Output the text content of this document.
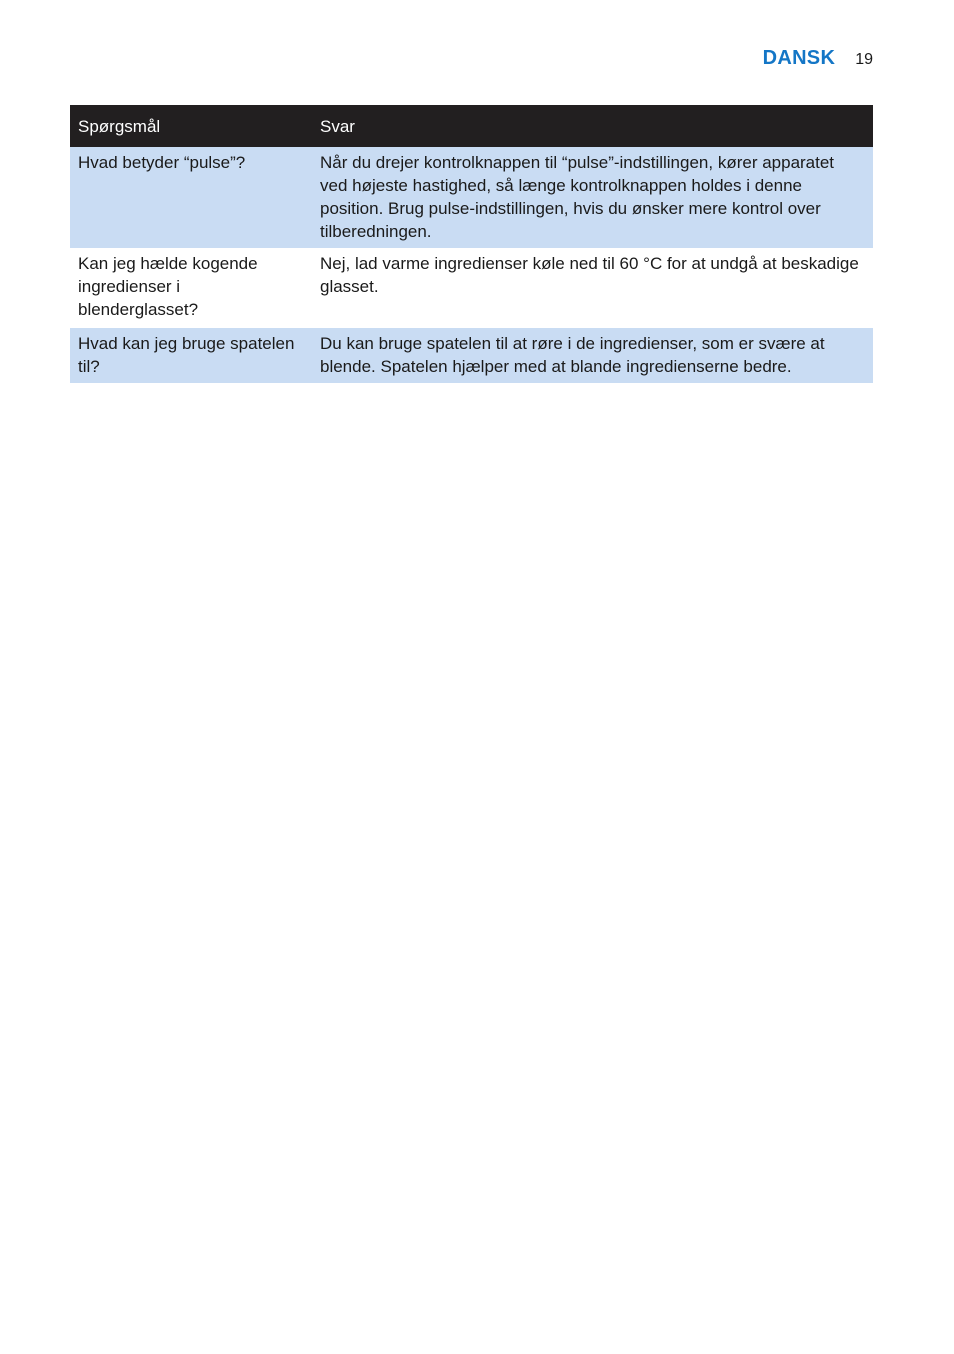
DANSK 19
Spørgsmål	Svar
Hvad betyder “pulse”?	Når du drejer kontrolknappen til “pulse”-indstillingen, kører apparatet ved højeste hastighed, så længe kontrolknappen holdes i denne position. Brug pulse-indstillingen, hvis du ønsker mere kontrol over tilberedningen.
Kan jeg hælde kogende ingredienser i blenderglasset?	Nej, lad varme ingredienser køle ned til 60 °C for at undgå at beskadige glasset.
Hvad kan jeg bruge spatelen til?	Du kan bruge spatelen til at røre i de ingredienser, som er svære at blende. Spatelen hjælper med at blande ingredienserne bedre.
